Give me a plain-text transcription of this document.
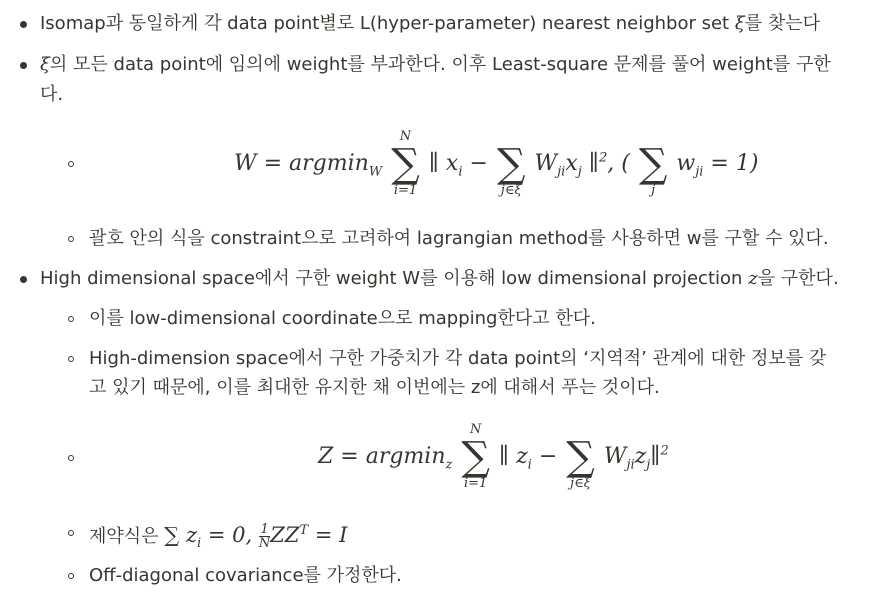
Isomap과 동일하게 각 data point별로 L(hyper-parameter) nearest neighbor set ξ를 찾는다
ξ의 모든 data point에 임의에 weight를 부과한다. 이후 Least-square 문제를 풀어 weight를 구한
다.
W = argmin$_W$
N
∑
i=1
∥ $x_i$ −
∑
j∈ξ
$W_{ji}x_j$ ∥$^2$, (
∑
j
$w_{ji} = 1$)
괄호 안의 식을 constraint으로 고려하여 lagrangian method를 사용하면 w를 구할 수 있다.
High dimensional space에서 구한 weight W를 이용해 low dimensional projection z을 구한다.
이를 low-dimensional coordinate으로 mapping한다고 한다.
High-dimension space에서 구한 가중치가 각 data point의 ‘지역적’ 관계에 대한 정보를 갖
고 있기 때문에, 이를 최대한 유지한 채 이번에는 z에 대해서 푸는 것이다.
Z = argmin$_z$
N
∑
i=1
∥ $z_i$ −
∑
j∈ξ
$W_{ji}z_j\parallel^2$
제약식은 ∑ $z_i = 0$, $\frac{1}{N} ZZ^T = I$
Off-diagonal covariance를 가정한다.
